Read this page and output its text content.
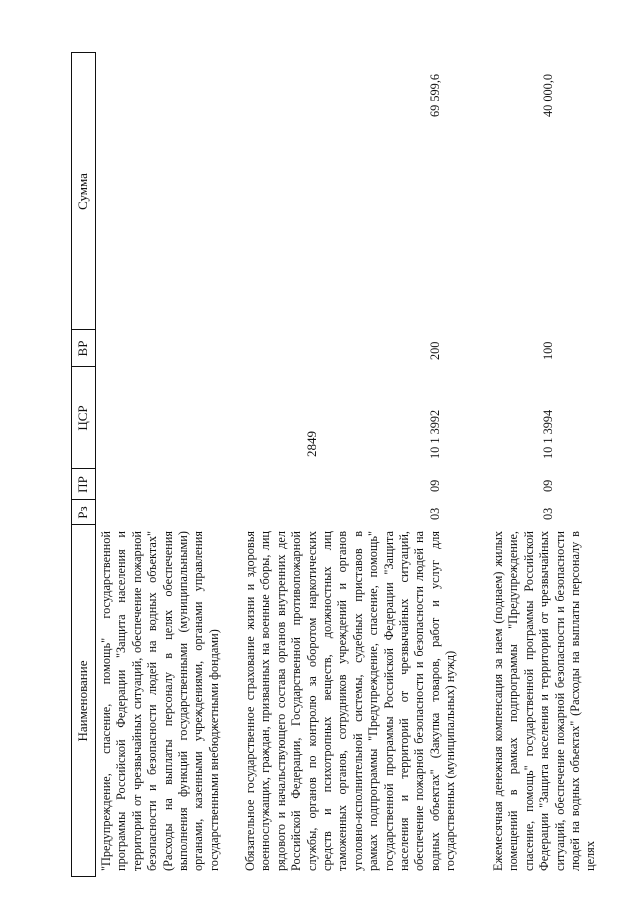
2849
Наименование
Рз
ПР
ЦСР
ВР
Сумма
"Предупреждение, спасение, помощь" государственной программы Российской Федерации "Защита населения и территорий от чрезвычайных ситуаций, обеспечение пожарной безопасности и безопасности людей на водных объектах" (Расходы на выплаты персоналу в целях обеспечения выполнения функций государственными (муниципальными) органами, казенными учреждениями, органами управления государственными внебюджетными фондами) Обязательное государственное страхование жизни и здоровья военнослужащих, граждан, призванных на военные сборы, лиц рядового и начальствующего состава органов внутренних дел Российской Федерации, Государственной противопожарной службы, органов по контролю за оборотом наркотических средств и психотропных веществ, должностных лиц таможенных органов, сотрудников учреждений и органов уголовно-исполнительной системы, судебных приставов в рамках подпрограммы "Предупреждение, спасение, помощь" государственной программы Российской Федерации "Защита населения и территорий от чрезвычайных ситуаций, обеспечение пожарной безопасности и безопасности людей на водных объектах" (Закупка товаров, работ и услуг для государственных (муниципальных) нужд)
03
09
10 1 3992
200
69 599,6
Ежемесячная денежная компенсация за наем (поднаем) жилых помещений в рамках подпрограммы "Предупреждение, спасение, помощь" государственной программы Российской Федерации "Защита населения и территорий от чрезвычайных ситуаций, обеспечение пожарной безопасности и безопасности людей на водных объектах" (Расходы на выплаты персоналу в целях
03
09
10 1 3994
100
40 000,0
